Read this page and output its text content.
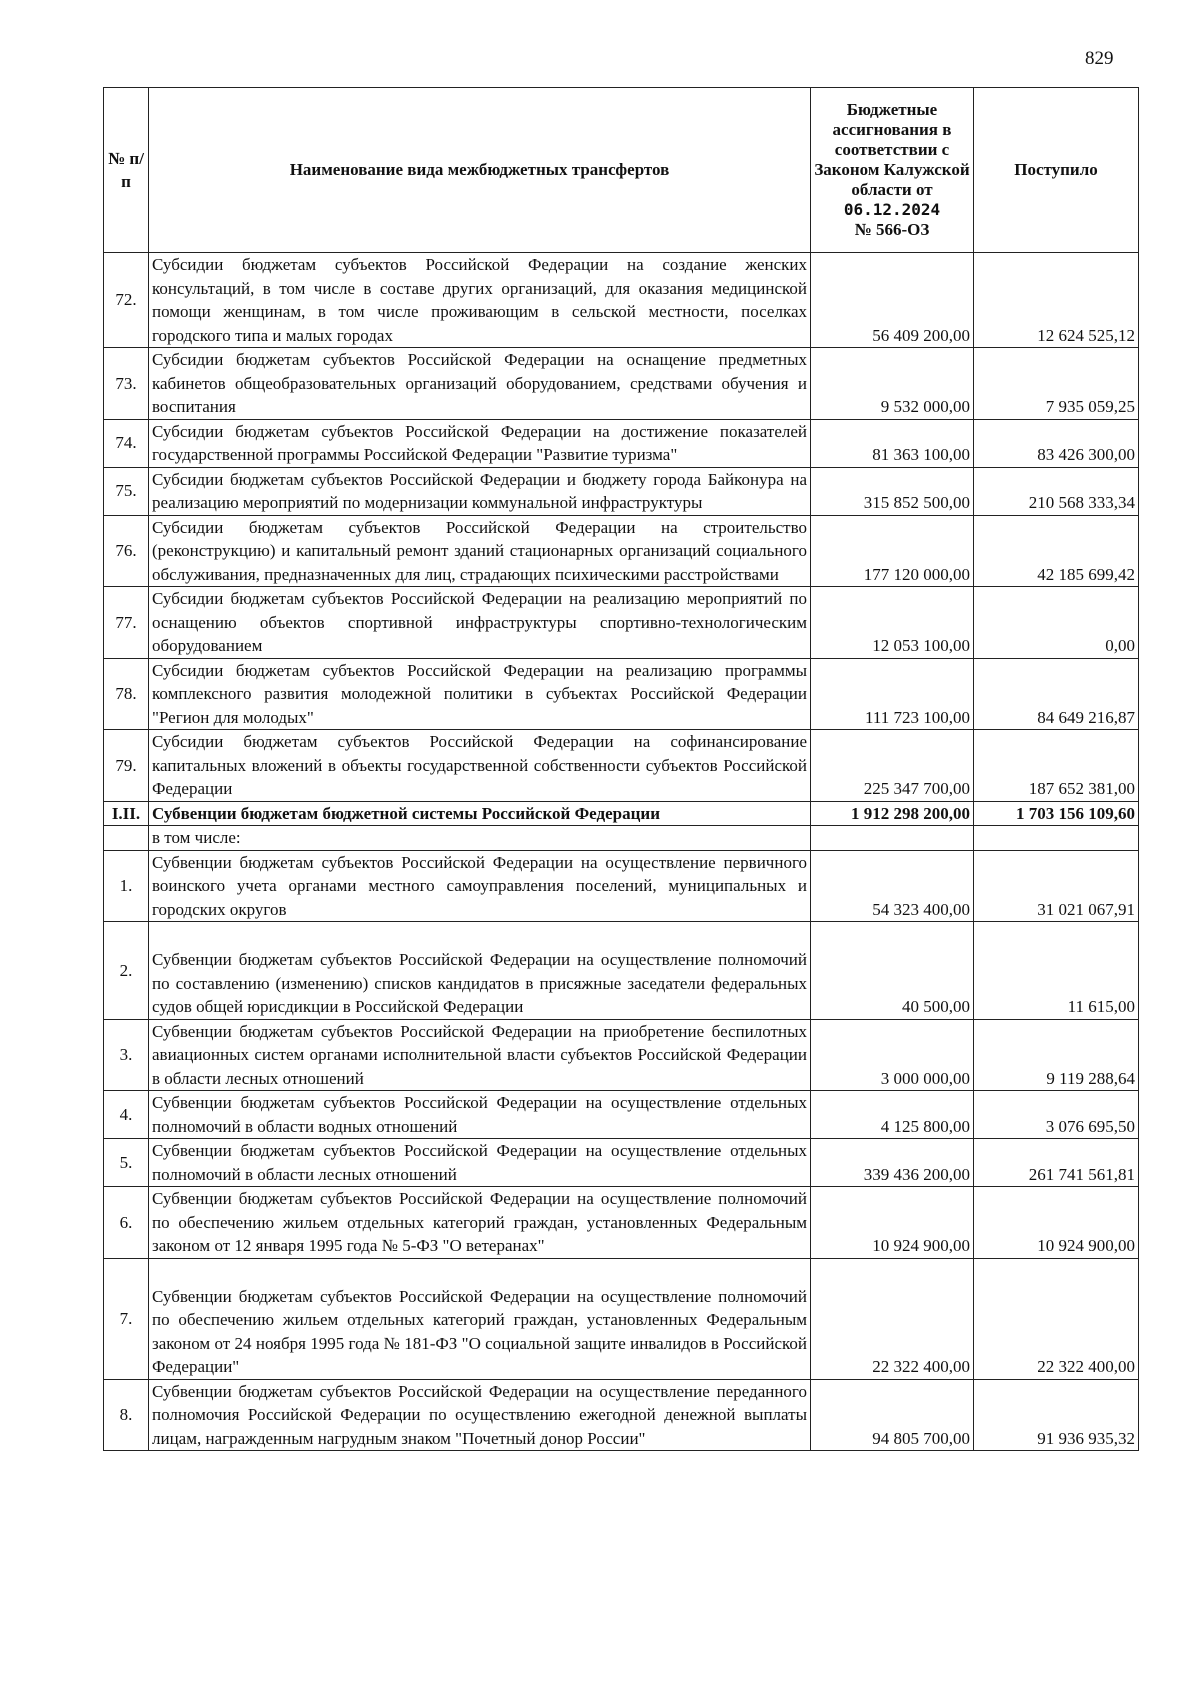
829
№ п/п	Наименование вида межбюджетных трансфертов	Бюджетные ассигнования в соответствии с Законом Калужской области от
06.12.2024
№ 566-ОЗ	Поступило
72.	Субсидии бюджетам субъектов Российской Федерации на создание женских консультаций, в том числе в составе других организаций, для оказания медицинской помощи женщинам, в том числе проживающим в сельской местности, поселках городского типа и малых городах	56 409 200,00	12 624 525,12
73.	Субсидии бюджетам субъектов Российской Федерации на оснащение предметных кабинетов общеобразовательных организаций оборудованием, средствами обучения и воспитания	9 532 000,00	7 935 059,25
74.	Субсидии бюджетам субъектов Российской Федерации на достижение показателей государственной программы Российской Федерации "Развитие туризма"	81 363 100,00	83 426 300,00
75.	Субсидии бюджетам субъектов Российской Федерации и бюджету города Байконура на реализацию мероприятий по модернизации коммунальной инфраструктуры	315 852 500,00	210 568 333,34
76.	Субсидии бюджетам субъектов Российской Федерации на строительство (реконструкцию) и капитальный ремонт зданий стационарных организаций социального обслуживания, предназначенных для лиц, страдающих психическими расстройствами	177 120 000,00	42 185 699,42
77.	Субсидии бюджетам субъектов Российской Федерации на реализацию мероприятий по оснащению объектов спортивной инфраструктуры спортивно-технологическим оборудованием	12 053 100,00	0,00
78.	Субсидии бюджетам субъектов Российской Федерации на реализацию программы комплексного развития молодежной политики в субъектах Российской Федерации "Регион для молодых"	111 723 100,00	84 649 216,87
79.	Субсидии бюджетам субъектов Российской Федерации на софинансирование капитальных вложений в объекты государственной собственности субъектов Российской Федерации	225 347 700,00	187 652 381,00
I.II.	Субвенции бюджетам бюджетной системы Российской Федерации	1 912 298 200,00	1 703 156 109,60
	в том числе:		
1.	Субвенции бюджетам субъектов Российской Федерации на осуществление первичного воинского учета органами местного самоуправления поселений, муниципальных и городских округов	54 323 400,00	31 021 067,91
2.	Субвенции бюджетам субъектов Российской Федерации на осуществление полномочий по составлению (изменению) списков кандидатов в присяжные заседатели федеральных судов общей юрисдикции в Российской Федерации	40 500,00	11 615,00
3.	Субвенции бюджетам субъектов Российской Федерации на приобретение беспилотных авиационных систем органами исполнительной власти субъектов Российской Федерации в области лесных отношений	3 000 000,00	9 119 288,64
4.	Субвенции бюджетам субъектов Российской Федерации на осуществление отдельных полномочий в области водных отношений	4 125 800,00	3 076 695,50
5.	Субвенции бюджетам субъектов Российской Федерации на осуществление отдельных полномочий в области лесных отношений	339 436 200,00	261 741 561,81
6.	Субвенции бюджетам субъектов Российской Федерации на осуществление полномочий по обеспечению жильем отдельных категорий граждан, установленных Федеральным законом от 12 января 1995 года № 5-ФЗ "О ветеранах"	10 924 900,00	10 924 900,00
7.	Субвенции бюджетам субъектов Российской Федерации на осуществление полномочий по обеспечению жильем отдельных категорий граждан, установленных Федеральным законом от 24 ноября 1995 года № 181-ФЗ "О социальной защите инвалидов в Российской Федерации"	22 322 400,00	22 322 400,00
8.	Субвенции бюджетам субъектов Российской Федерации на осуществление переданного полномочия Российской Федерации по осуществлению ежегодной денежной выплаты лицам, награжденным нагрудным знаком "Почетный донор России"	94 805 700,00	91 936 935,32
